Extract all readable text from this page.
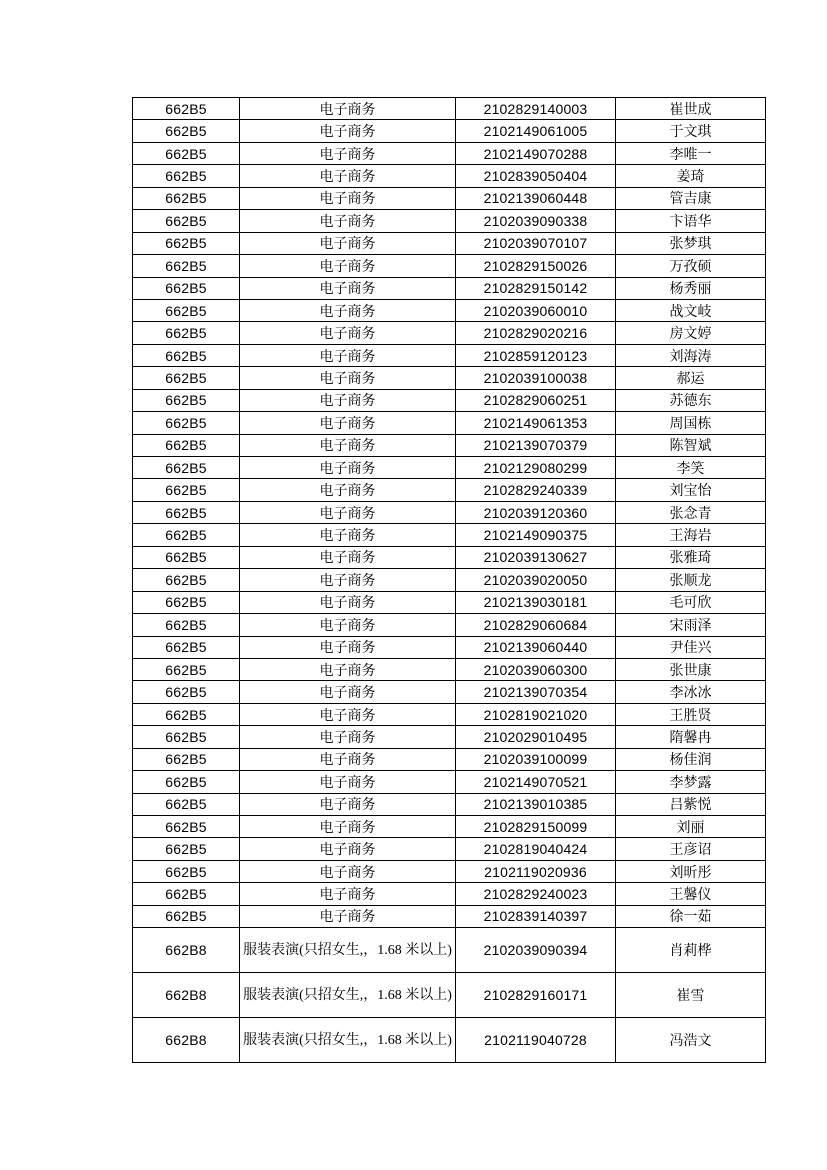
662B5	电子商务	2102829140003	崔世成
662B5	电子商务	2102149061005	于文琪
662B5	电子商务	2102149070288	李唯一
662B5	电子商务	2102839050404	姜琦
662B5	电子商务	2102139060448	管吉康
662B5	电子商务	2102039090338	卞语华
662B5	电子商务	2102039070107	张梦琪
662B5	电子商务	2102829150026	万孜硕
662B5	电子商务	2102829150142	杨秀丽
662B5	电子商务	2102039060010	战文岐
662B5	电子商务	2102829020216	房文婷
662B5	电子商务	2102859120123	刘海涛
662B5	电子商务	2102039100038	郝运
662B5	电子商务	2102829060251	苏德东
662B5	电子商务	2102149061353	周国栋
662B5	电子商务	2102139070379	陈智斌
662B5	电子商务	2102129080299	李笑
662B5	电子商务	2102829240339	刘宝怡
662B5	电子商务	2102039120360	张念青
662B5	电子商务	2102149090375	王海岩
662B5	电子商务	2102039130627	张雅琦
662B5	电子商务	2102039020050	张顺龙
662B5	电子商务	2102139030181	毛可欣
662B5	电子商务	2102829060684	宋雨泽
662B5	电子商务	2102139060440	尹佳兴
662B5	电子商务	2102039060300	张世康
662B5	电子商务	2102139070354	李冰冰
662B5	电子商务	2102819021020	王胜贤
662B5	电子商务	2102029010495	隋馨冉
662B5	电子商务	2102039100099	杨佳润
662B5	电子商务	2102149070521	李梦露
662B5	电子商务	2102139010385	吕紫悦
662B5	电子商务	2102829150099	刘丽
662B5	电子商务	2102819040424	王彦诏
662B5	电子商务	2102119020936	刘昕彤
662B5	电子商务	2102829240023	王馨仪
662B5	电子商务	2102839140397	徐一茹
662B8	服装表演(只招女生,，1.68 米以上)	2102039090394	肖莉桦
662B8	服装表演(只招女生,，1.68 米以上)	2102829160171	崔雪
662B8	服装表演(只招女生,，1.68 米以上)	2102119040728	冯浩文
